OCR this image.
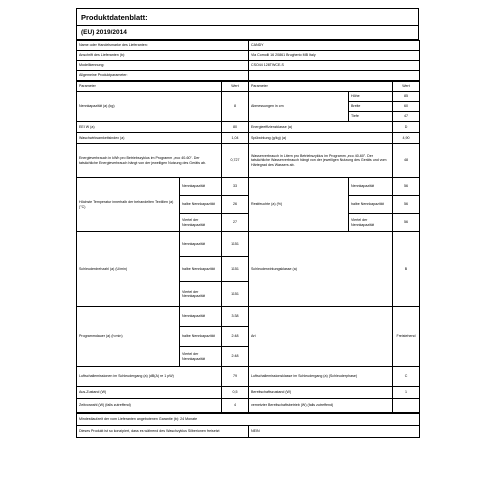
Produktdatenblatt:
(EU) 2019/2014
Name oder Handelsmarke des Lieferanten:	CANDY
Anschrift des Lieferanten (b):	Via Comolli 16 20861 Brugherio MB Italy
Modellkennung:	CSO44 128TWCE-S
Allgemeine Produktparameter:	
Parameter		Wert	Parameter		Wert
Nennkapazität (a) (kg)		8	Abmessungen in cm	Höhe	85
				Breite	60
				Tiefe	47
EEI W (a)		80	Energieeffizienzklasse (a)		D
Waschwirksamkeitsindex (a)		1,04	Spülwirkung (g/kg) (a)		4,90
Energieverbrauch in kWh pro Betriebszyklus im Programm „eco 40-60". Der tatsächliche Energieverbrauch hängt von der jeweiligen Nutzung des Geräts ab.		0,727	Wasserverbrauch in Litern pro Betriebszyklus im Programm „eco 40-60". Der tatsächliche Wasserverbrauch hängt von der jeweiligen Nutzung des Geräts und vom Härtegrad des Wassers ab.		48
Höchste Temperatur innerhalb der behandelten Textilien (a) (°C)	Nennkapazität	33	Restfeuchte (a) (%)	Nennkapazität	56
	halbe Nennkapazität	26		halbe Nennkapazität	56
	Viertel der Nennkapazität	27		Viertel der Nennkapazität	56
Schleuderdrehzahl (a) (U/min)	Nennkapazität	1151	Schleuderwirkungsklasse (a)		B
	halbe Nennkapazität	1151			
	Viertel der Nennkapazität	1151			
Programmdauer (a) (h:min)	Nennkapazität	3:38	Art		Freistehend
	halbe Nennkapazität	2:48			
	Viertel der Nennkapazität	2:48			
Luftschallemissionen im Schleudergang (a) (dB(A) re 1 pW)		79	Luftschallemissionsklasse im Schleudergang (a) (Schleuderphase)		C
Aus-Zustand (W)		0,5	Bereitschaftszustand (W)		1
Zeitvorwahl (W) (falls zutreffend)		4	vernetzter Bereitschaftsbetrieb (W) (falls zutreffend)		
Mindestlaufzeit der vom Lieferanten angebotenen Garantie (b): 24 Monate
Dieses Produkt ist so konzipiert, dass es während des Waschzyklus Silberionen freisetzt	NEIN
